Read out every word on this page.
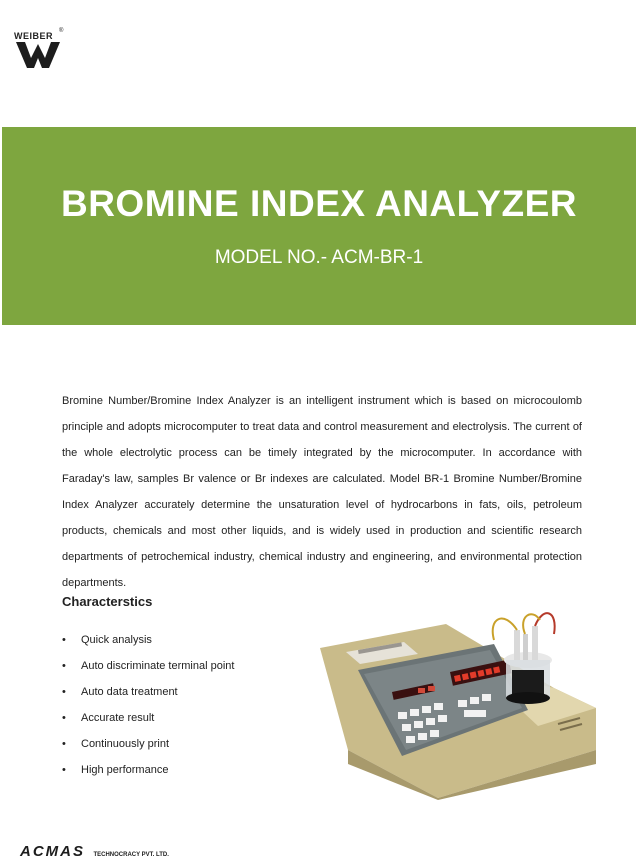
WEIBER ®
BROMINE INDEX ANALYZER
MODEL NO.- ACM-BR-1

Bromine Number/Bromine Index Analyzer is an intelligent instrument which is based on microcoulomb principle and adopts microcomputer to treat data and control measurement and electrolysis. The current of the whole electrolytic process can be timely integrated by the microcomputer. In accordance with Faraday's law, samples Br valence or Br indexes are calculated. Model BR-1 Bromine Number/Bromine Index Analyzer accurately determine the unsaturation level of hydrocarbons in fats, oils, petroleum products, chemicals and most other liquids, and is widely used in production and scientific research departments of petrochemical industry, chemical industry and engineering, and environmental protection departments.

Characterstics
• Quick analysis
• Auto discriminate terminal point
• Auto data treatment
• Accurate result
• Continuously print
• High performance
ACMAS TECHNOCRACY PVT. LTD.
